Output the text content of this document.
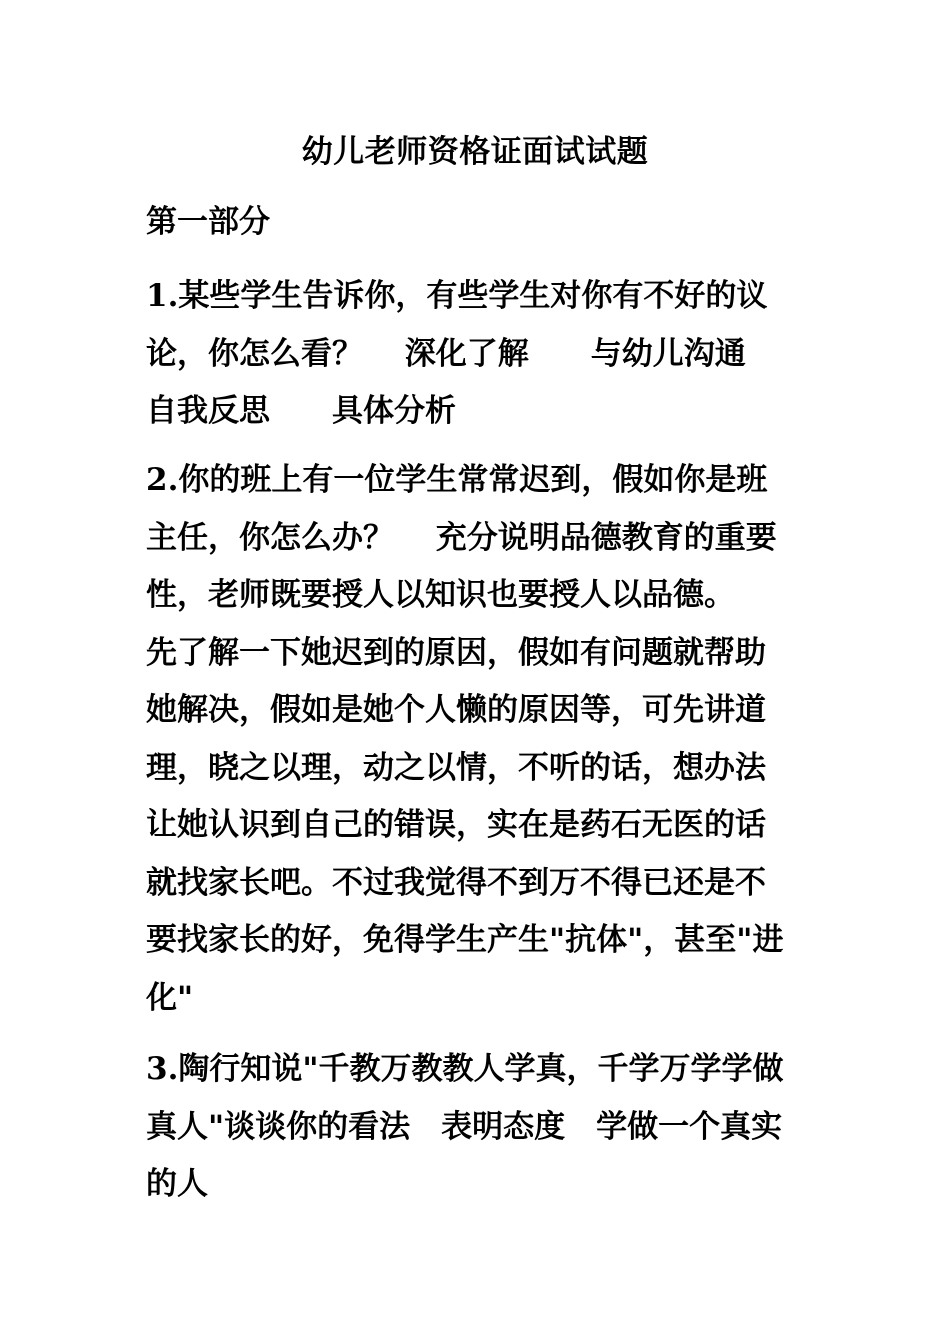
幼儿老师资格证面试试题
第一部分
1.某些学生告诉你，有些学生对你有不好的议
论，你怎么看？　 深化了解　　与幼儿沟通
自我反思　　具体分析
2.你的班上有一位学生常常迟到，假如你是班
主任，你怎么办？　 充分说明品德教育的重要
性，老师既要授人以知识也要授人以品德。
先了解一下她迟到的原因，假如有问题就帮助
她解决，假如是她个人懒的原因等，可先讲道
理，晓之以理，动之以情，不听的话，想办法
让她认识到自己的错误，实在是药石无医的话
就找家长吧。不过我觉得不到万不得已还是不
要找家长的好，免得学生产生"抗体"，甚至"进
化"
3.陶行知说"千教万教教人学真，千学万学学做
真人"谈谈你的看法　表明态度　学做一个真实
的人
